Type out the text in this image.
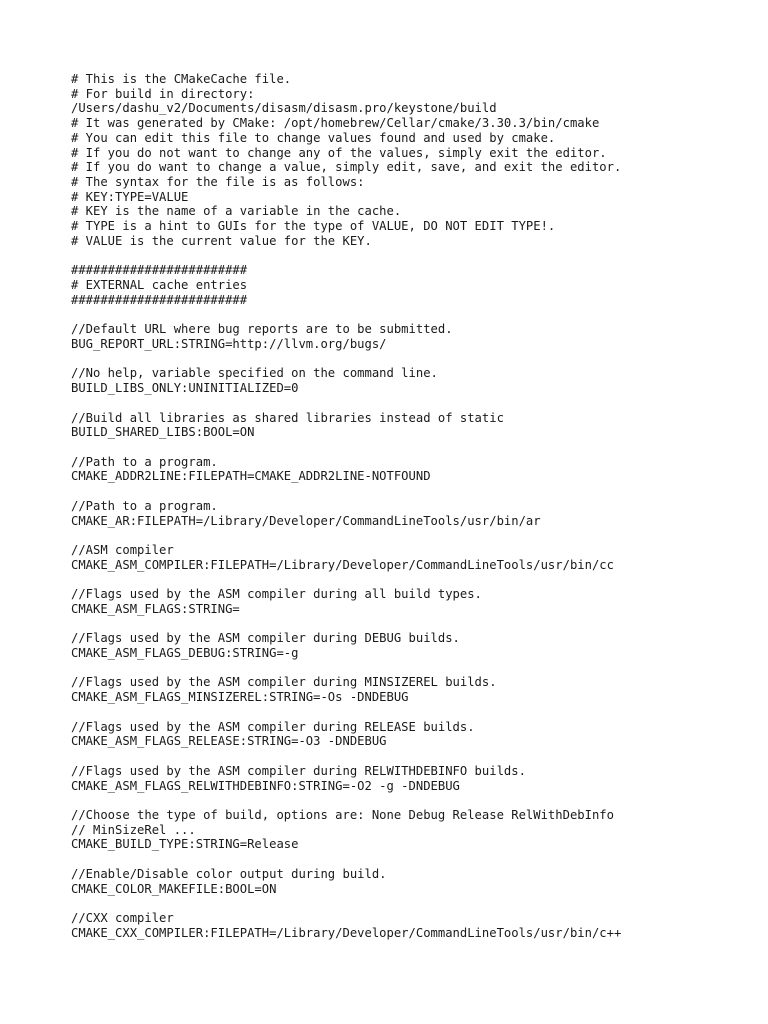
# This is the CMakeCache file.
# For build in directory:
/Users/dashu_v2/Documents/disasm/disasm.pro/keystone/build
# It was generated by CMake: /opt/homebrew/Cellar/cmake/3.30.3/bin/cmake
# You can edit this file to change values found and used by cmake.
# If you do not want to change any of the values, simply exit the editor.
# If you do want to change a value, simply edit, save, and exit the editor.
# The syntax for the file is as follows:
# KEY:TYPE=VALUE
# KEY is the name of a variable in the cache.
# TYPE is a hint to GUIs for the type of VALUE, DO NOT EDIT TYPE!.
# VALUE is the current value for the KEY.
########################
# EXTERNAL cache entries
########################
//Default URL where bug reports are to be submitted.
BUG_REPORT_URL:STRING=http://llvm.org/bugs/
//No help, variable specified on the command line.
BUILD_LIBS_ONLY:UNINITIALIZED=0
//Build all libraries as shared libraries instead of static
BUILD_SHARED_LIBS:BOOL=ON
//Path to a program.
CMAKE_ADDR2LINE:FILEPATH=CMAKE_ADDR2LINE-NOTFOUND
//Path to a program.
CMAKE_AR:FILEPATH=/Library/Developer/CommandLineTools/usr/bin/ar
//ASM compiler
CMAKE_ASM_COMPILER:FILEPATH=/Library/Developer/CommandLineTools/usr/bin/cc
//Flags used by the ASM compiler during all build types.
CMAKE_ASM_FLAGS:STRING=
//Flags used by the ASM compiler during DEBUG builds.
CMAKE_ASM_FLAGS_DEBUG:STRING=-g
//Flags used by the ASM compiler during MINSIZEREL builds.
CMAKE_ASM_FLAGS_MINSIZEREL:STRING=-Os -DNDEBUG
//Flags used by the ASM compiler during RELEASE builds.
CMAKE_ASM_FLAGS_RELEASE:STRING=-O3 -DNDEBUG
//Flags used by the ASM compiler during RELWITHDEBINFO builds.
CMAKE_ASM_FLAGS_RELWITHDEBINFO:STRING=-O2 -g -DNDEBUG
//Choose the type of build, options are: None Debug Release RelWithDebInfo
// MinSizeRel ...
CMAKE_BUILD_TYPE:STRING=Release
//Enable/Disable color output during build.
CMAKE_COLOR_MAKEFILE:BOOL=ON
//CXX compiler
CMAKE_CXX_COMPILER:FILEPATH=/Library/Developer/CommandLineTools/usr/bin/c++
